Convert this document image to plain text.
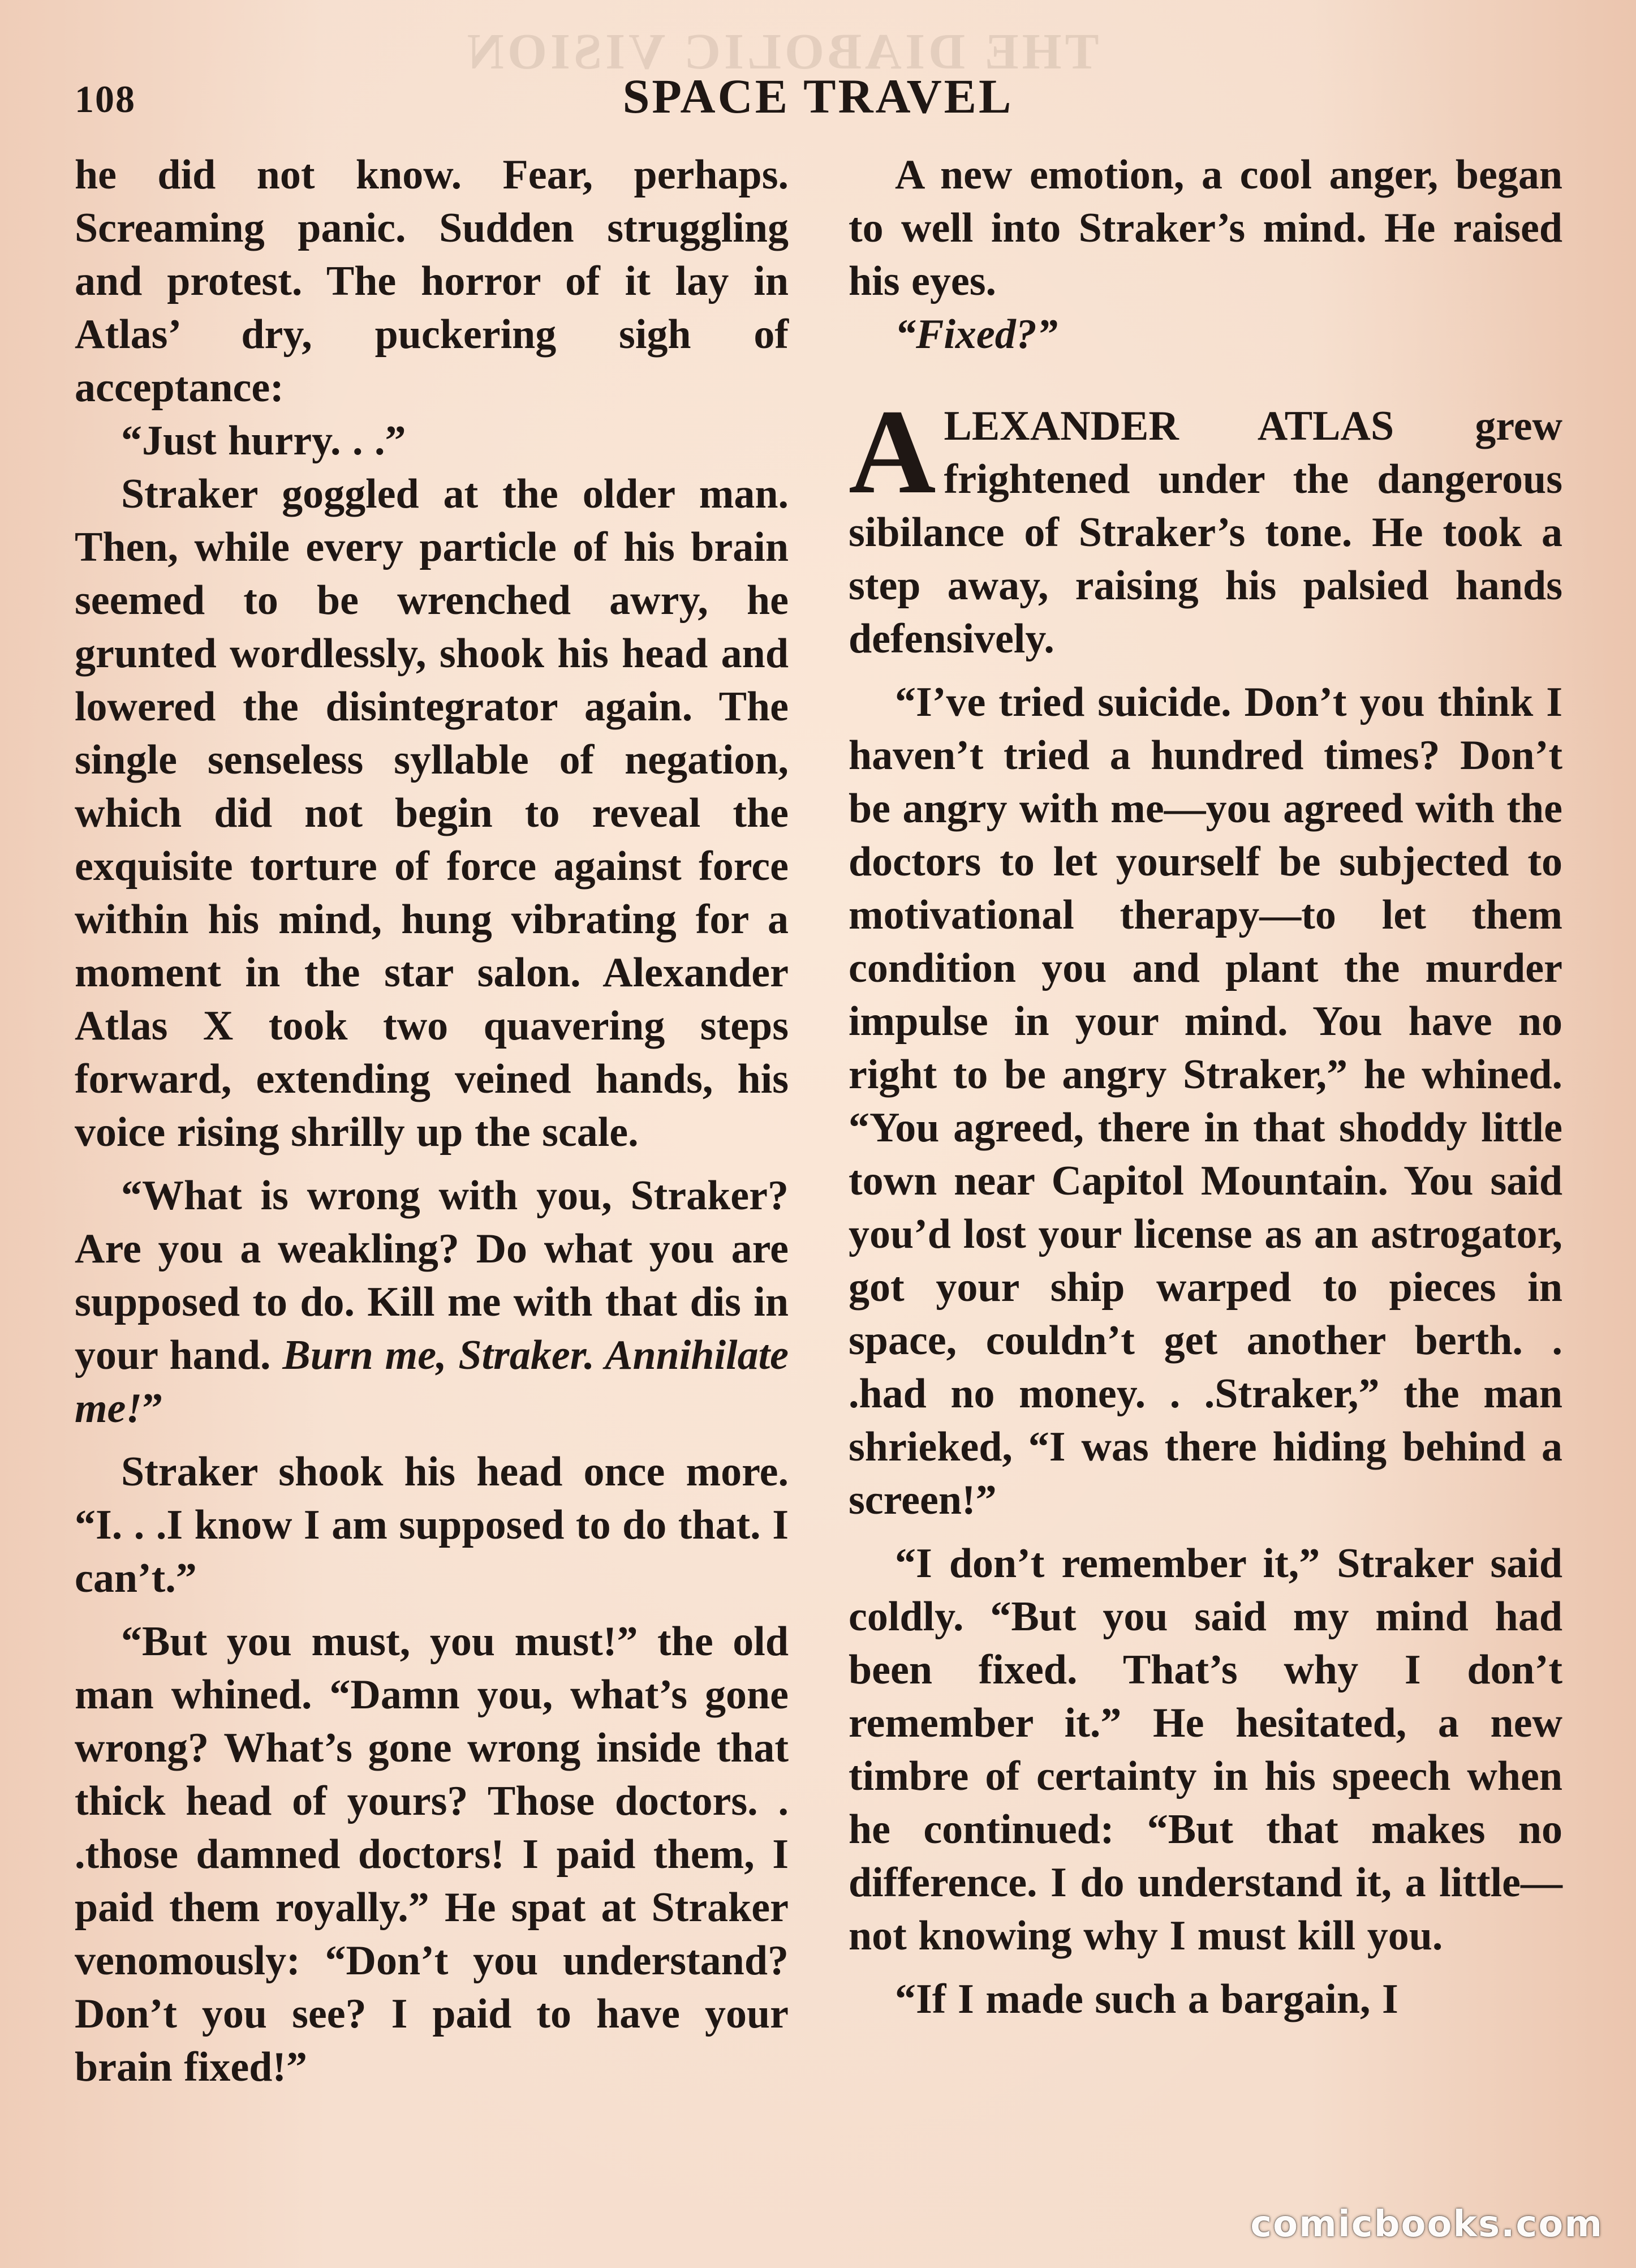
THE DIABOLIC VISION
108	SPACE TRAVEL

he did not know. Fear, perhaps. Screaming panic. Sudden struggling and protest. The horror of it lay in Atlas’ dry, puckering sigh of acceptance:

“Just hurry. . .”

Straker goggled at the older man. Then, while every particle of his brain seemed to be wrenched awry, he grunted wordlessly, shook his head and lowered the disintegrator again. The single senseless syllable of negation, which did not begin to reveal the exquisite torture of force against force within his mind, hung vibrating for a moment in the star salon. Alexander Atlas X took two quavering steps forward, extending veined hands, his voice rising shrilly up the scale.

“What is wrong with you, Straker? Are you a weakling? Do what you are supposed to do. Kill me with that dis in your hand. Burn me, Straker. Annihilate me!”

Straker shook his head once more. “I. . .I know I am supposed to do that. I can’t.”

“But you must, you must!” the old man whined. “Damn you, what’s gone wrong? What’s gone wrong inside that thick head of yours? Those doctors. . .those damned doctors! I paid them, I paid them royally.” He spat at Straker venomously: “Don’t you understand? Don’t you see? I paid to have your brain fixed!”

A new emotion, a cool anger, began to well into Straker’s mind. He raised his eyes.

“Fixed?”

ALEXANDER ATLAS grew frightened under the dangerous sibilance of Straker’s tone. He took a step away, raising his palsied hands defensively.

“I’ve tried suicide. Don’t you think I haven’t tried a hundred times? Don’t be angry with me—you agreed with the doctors to let yourself be subjected to motivational therapy—to let them condition you and plant the murder impulse in your mind. You have no right to be angry Straker,” he whined. “You agreed, there in that shoddy little town near Capitol Mountain. You said you’d lost your license as an astrogator, got your ship warped to pieces in space, couldn’t get another berth. . .had no money. . .Straker,” the man shrieked, “I was there hiding behind a screen!”

“I don’t remember it,” Straker said coldly. “But you said my mind had been fixed. That’s why I don’t remember it.” He hesitated, a new timbre of certainty in his speech when he continued: “But that makes no difference. I do understand it, a little—not knowing why I must kill you.

“If I made such a bargain, I

comicbooks.com
